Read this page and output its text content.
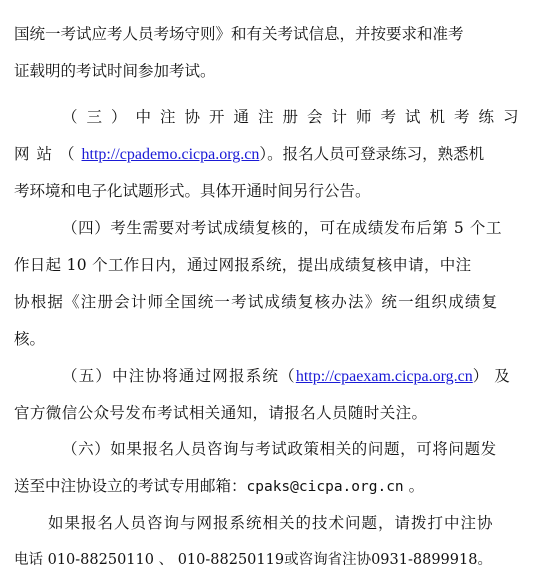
国统一考试应考人员考场守则》和有关考试信息，并按要求和准考
证载明的考试时间参加考试。
（三）中注协开通注册会计师考试机考练习
网站（http://cpademo.cicpa.org.cn）。报名人员可登录练习，熟悉机
考环境和电子化试题形式。具体开通时间另行公告。
（四）考生需要对考试成绩复核的，可在成绩发布后第 5 个工
作日起 10 个工作日内，通过网报系统，提出成绩复核申请，中注
协根据《注册会计师全国统一考试成绩复核办法》统一组织成绩复
核。
（五）中注协将通过网报系统（http://cpaexam.cicpa.org.cn）及
官方微信公众号发布考试相关通知，请报名人员随时关注。
（六）如果报名人员咨询与考试政策相关的问题，可将问题发
送至中注协设立的考试专用邮箱：cpaks@cicpa.org.cn 。
如果报名人员咨询与网报系统相关的技术问题，请拨打中注协
电话 010-88250110 、 010-88250119或咨询省注协0931-8899918。
